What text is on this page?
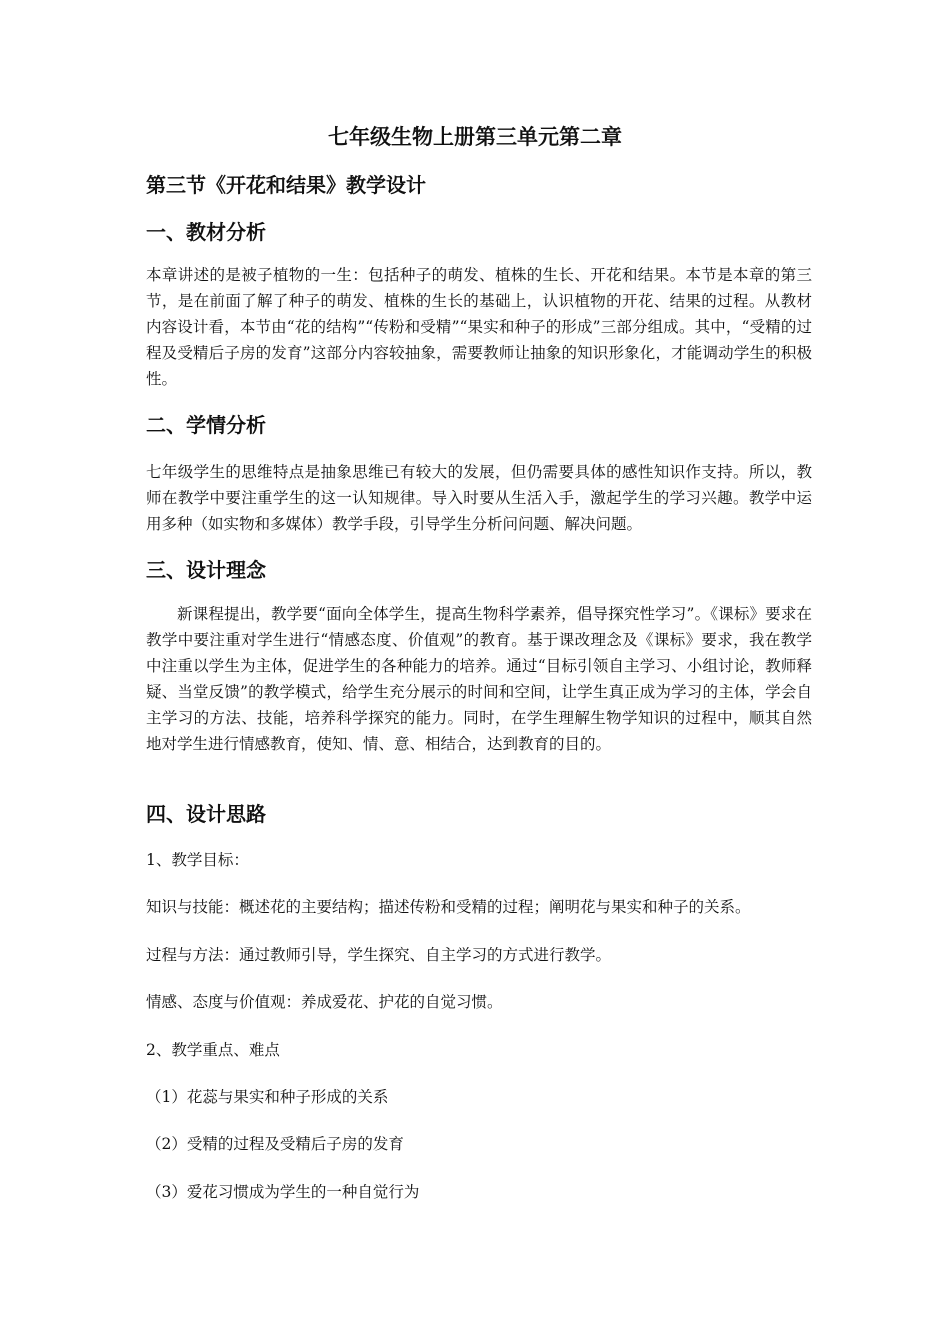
七年级生物上册第三单元第二章
第三节《开花和结果》教学设计
一、教材分析

本章讲述的是被子植物的一生：包括种子的萌发、植株的生长、开花和结果。本节是本章的第三节，是在前面了解了种子的萌发、植株的生长的基础上，认识植物的开花、结果的过程。从教材内容设计看，本节由“花的结构”“传粉和受精”“果实和种子的形成”三部分组成。其中，“受精的过程及受精后子房的发育”这部分内容较抽象，需要教师让抽象的知识形象化，才能调动学生的积极性。

二、学情分析

七年级学生的思维特点是抽象思维已有较大的发展，但仍需要具体的感性知识作支持。所以，教师在教学中要注重学生的这一认知规律。导入时要从生活入手，激起学生的学习兴趣。教学中运用多种（如实物和多媒体）教学手段，引导学生分析问问题、解决问题。

三、设计理念

新课程提出，教学要“面向全体学生，提高生物科学素养，倡导探究性学习”。《课标》要求在教学中要注重对学生进行“情感态度、价值观”的教育。基于课改理念及《课标》要求，我在教学中注重以学生为主体，促进学生的各种能力的培养。通过“目标引领自主学习、小组讨论，教师释疑、当堂反馈”的教学模式，给学生充分展示的时间和空间，让学生真正成为学习的主体，学会自主学习的方法、技能，培养科学探究的能力。同时，在学生理解生物学知识的过程中，顺其自然地对学生进行情感教育，使知、情、意、相结合，达到教育的目的。

四、设计思路
1、教学目标：
知识与技能：概述花的主要结构；描述传粉和受精的过程；阐明花与果实和种子的关系。
过程与方法：通过教师引导，学生探究、自主学习的方式进行教学。
情感、态度与价值观：养成爱花、护花的自觉习惯。
2、教学重点、难点
（1）花蕊与果实和种子形成的关系
（2）受精的过程及受精后子房的发育
（3）爱花习惯成为学生的一种自觉行为
